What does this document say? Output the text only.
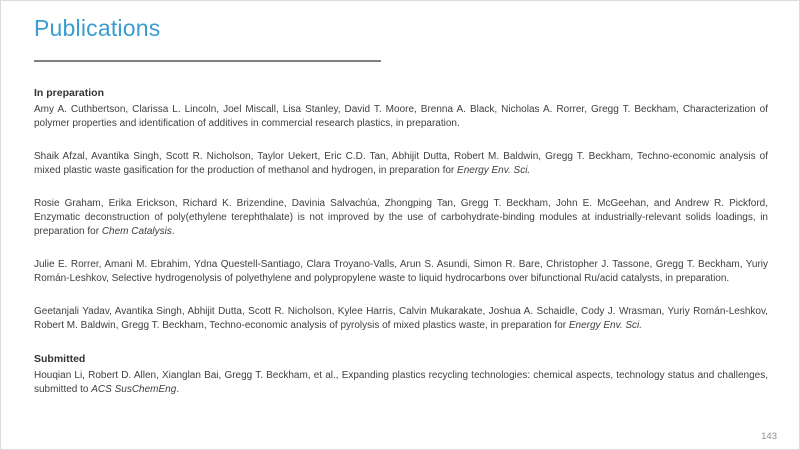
Publications
In preparation

Amy A. Cuthbertson, Clarissa L. Lincoln, Joel Miscall, Lisa Stanley, David T. Moore, Brenna A. Black, Nicholas A. Rorrer, Gregg T. Beckham, Characterization of polymer properties and identification of additives in commercial research plastics, in preparation.

Shaik Afzal, Avantika Singh, Scott R. Nicholson, Taylor Uekert, Eric C.D. Tan, Abhijit Dutta, Robert M. Baldwin, Gregg T. Beckham, Techno-economic analysis of mixed plastic waste gasification for the production of methanol and hydrogen, in preparation for Energy Env. Sci.

Rosie Graham, Erika Erickson, Richard K. Brizendine, Davinia Salvachúa, Zhongping Tan, Gregg T. Beckham, John E. McGeehan, and Andrew R. Pickford, Enzymatic deconstruction of poly(ethylene terephthalate) is not improved by the use of carbohydrate-binding modules at industrially-relevant solids loadings, in preparation for Chem Catalysis.

Julie E. Rorrer, Amani M. Ebrahim, Ydna Questell-Santiago, Clara Troyano-Valls, Arun S. Asundi, Simon R. Bare, Christopher J. Tassone, Gregg T. Beckham, Yuriy Román-Leshkov, Selective hydrogenolysis of polyethylene and polypropylene waste to liquid hydrocarbons over bifunctional Ru/acid catalysts, in preparation.

Geetanjali Yadav, Avantika Singh, Abhijit Dutta, Scott R. Nicholson, Kylee Harris, Calvin Mukarakate, Joshua A. Schaidle, Cody J. Wrasman, Yuriy Román-Leshkov, Robert M. Baldwin, Gregg T. Beckham, Techno-economic analysis of pyrolysis of mixed plastics waste, in preparation for Energy Env. Sci.

Submitted

Houqian Li, Robert D. Allen, Xianglan Bai, Gregg T. Beckham, et al., Expanding plastics recycling technologies: chemical aspects, technology status and challenges, submitted to ACS SusChemEng.

143
